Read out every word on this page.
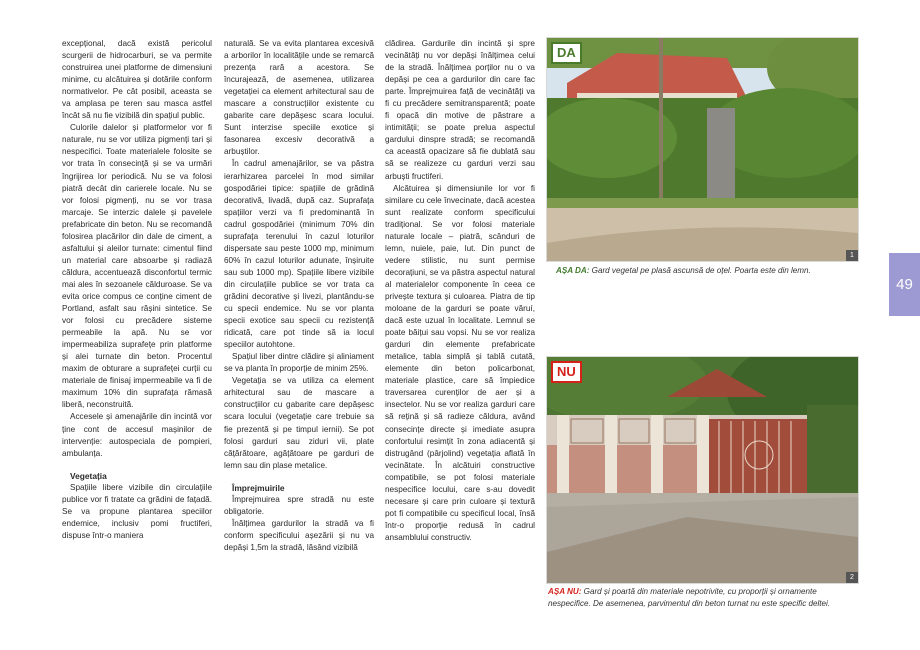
excepțional, dacă există pericolul scurgerii de hidrocarburi, se va permite construirea unei platforme de dimensiuni minime, cu alcătuirea și dotările conform normativelor. Pe cât posibil, aceasta se va amplasa pe teren sau masca astfel încât să nu fie vizibilă din spațiul public.

Culorile dalelor și platformelor vor fi naturale, nu se vor utiliza pigmenți tari și nespecifici. Toate materialele folosite se vor trata în consecință și se va urmări îngrijirea lor periodică. Nu se va folosi piatră decât din carierele locale. Nu se vor folosi pigmenți, nu se vor trasa marcaje. Se interzic dalele și pavelele prefabricate din beton. Nu se recomandă folosirea placărilor din dale de ciment, a asfaltului și aleilor turnate: cimentul fiind un material care absoarbe și radiază căldura, accentuează disconfortul termic mai ales în sezoanele călduroase. Se va evita orice compus ce conține ciment de Portland, asfalt sau rășini sintetice. Se vor folosi cu precădere sisteme permeabile la apă. Nu se vor impermeabiliza suprafețe prin platforme și alei turnate din beton. Procentul maxim de obturare a suprafeței curții cu materiale de finisaj impermeabile va fi de maximum 10% din suprafața rămasă liberă, neconstruită.

Accesele și amenajările din incintă vor ține cont de accesul mașinilor de intervenție: autospeciala de pompieri, ambulanța.

Vegetația

Spațiile libere vizibile din circulațiile publice vor fi tratate ca grădini de fațadă. Se va propune plantarea speciilor endemice, inclusiv pomi fructiferi, dispuse într-o maniera

naturală. Se va evita plantarea excesivă a arborilor în localitățile unde se remarcă prezența rară a acestora. Se încurajează, de asemenea, utilizarea vegetației ca element arhitectural sau de mascare a construcțiilor existente cu gabarite care depășesc scara locului. Sunt interzise speciile exotice și fasonarea excesiv decorativă a arbuștilor.

În cadrul amenajărilor, se va păstra ierarhizarea parcelei în mod similar gospodăriei tipice: spațiile de grădină decorativă, livadă, după caz. Suprafața spațiilor verzi va fi predominantă în cadrul gospodăriei (minimum 70% din suprafața terenului în cazul loturilor dispersate sau peste 1000 mp, minimum 60% în cazul loturilor adunate, înșiruite sau sub 1000 mp). Spațiile libere vizibile din circulațiile publice se vor trata ca grădini decorative și livezi, plantându-se cu specii endemice. Nu se vor planta specii exotice sau specii cu rezistență ridicată, care pot tinde să ia locul speciilor autohtone.

Spațiul liber dintre clădire și aliniament se va planta în proporție de minim 25%.

Vegetația se va utiliza ca element arhitectural sau de mascare a construcțiilor cu gabarite care depășesc scara locului (vegetație care trebuie sa fie prezentă și pe timpul iernii). Se pot folosi garduri sau ziduri vii, plate cățărătoare, agățătoare pe garduri de lemn sau din plase metalice.

Împrejmuirile

Împrejmuirea spre stradă nu este obligatorie.

Înălțimea gardurilor la stradă va fi conform specificului așezării și nu va depăși 1,5m la stradă, lăsând vizibilă

clădirea. Gardurile din incintă și spre vecinătăți nu vor depăși înălțimea celui de la stradă. Înălțimea porților nu o va depăși pe cea a gardurilor din care fac parte. Împrejmuirea față de vecinătăți va fi cu precădere semitransparentă; poate fi opacă din motive de păstrare a intimității; se poate prelua aspectul gardului dinspre stradă; se recomandă ca această opacizare să fie dublată sau să se realizeze cu garduri verzi sau arbuști fructiferi.

Alcătuirea și dimensiunile lor vor fi similare cu cele învecinate, dacă acestea sunt realizate conform specificului tradițional. Se vor folosi materiale naturale locale – piatră, scânduri de lemn, nuiele, paie, lut. Din punct de vedere stilistic, nu sunt permise decorațiuni, se va păstra aspectul natural al materialelor componente în ceea ce privește textura și culoarea. Piatra de tip moloane de la garduri se poate văruí, dacă este uzual în localitate. Lemnul se poate băițui sau vopsi. Nu se vor realiza garduri din elemente prefabricate metalice, tabla simplă și tablă cutată, elemente din beton policarbonat, materiale plastice, care să împiedice traversarea curenților de aer și a insectelor. Nu se vor realiza garduri care să rețină și să radieze căldura, având consecințe directe și imediate asupra confortului resimțit în zona adiacentă și distrugând (pârjolind) vegetația aflată în vecinătate. În alcătuiri constructive compatibile, se pot folosi materiale nespecifice locului, care s-au dovedit necesare și care prin culoare și textură pot fi compatibile cu specificul local, însă într-o proporție redusă în cadrul ansamblului constructiv.

DA
1
AȘA DA: Gard vegetal pe plasă ascunsă de oțel. Poarta este din lemn.
NU
2
AȘA NU: Gard și poartă din materiale nepotrivite, cu proporții și ornamente nespecifice. De asemenea, parvimentul din beton turnat nu este specific deltei.
49
